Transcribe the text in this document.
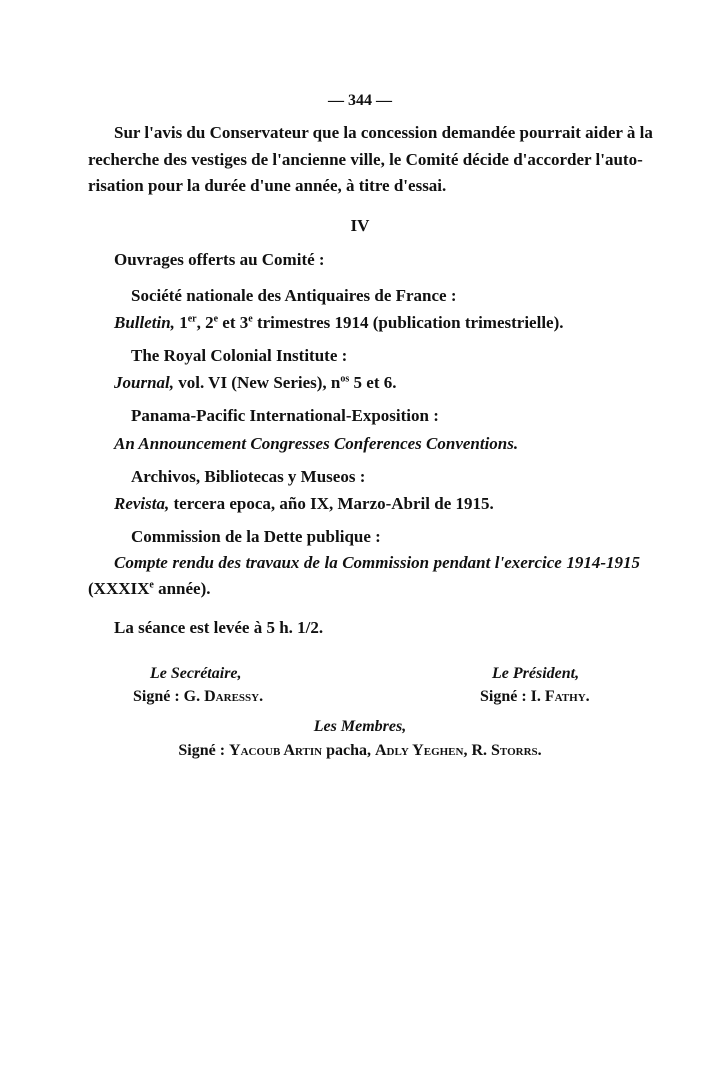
— 344 —
Sur l'avis du Conservateur que la concession demandée pourrait aider à la
recherche des vestiges de l'ancienne ville, le Comité décide d'accorder l'auto-
risation pour la durée d'une année, à titre d'essai.
IV
Ouvrages offerts au Comité :
Société nationale des Antiquaires de France :
Bulletin, 1er, 2e et 3e trimestres 1914 (publication trimestrielle).
The Royal Colonial Institute :
Journal, vol. VI (New Series), $n^{os}$ 5 et 6.
Panama-Pacific International-Exposition :
An Announcement Congresses Conferences Conventions.
Archivos, Bibliotecas y Museos :
Revista, tercera epoca, año IX, Marzo-Abril de 1915.
Commission de la Dette publique :
Compte rendu des travaux de la Commission pendant l'exercice 1914-1915
(XXXIXe année).
La séance est levée à 5 h. 1/2.
Le Secrétaire,
Signé : G. Daressy.
Le Président,
Signé : I. Fathy.
Les Membres,
Signé : Yacoub Artin pacha, Adly Yeghen, R. Storrs.
